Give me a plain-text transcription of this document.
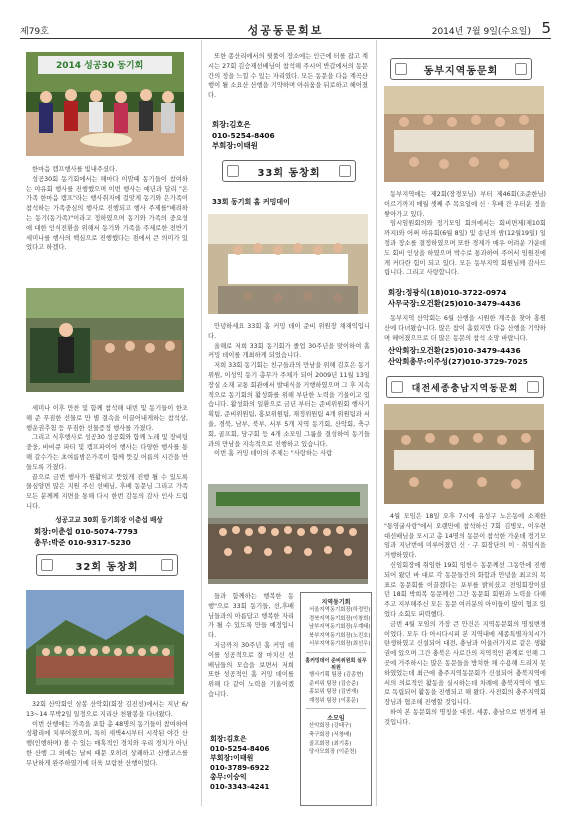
제79호	성공동문회보	2014년 7월 9일(수요일) 5
2014 성공30 동기회

한마음 캠프행사를 빛내주셨다.

성공30회 동기회에서는 해마다 이맘때 동기들이 참여하는 야유회 행사를 진행했으며 이번 행사는 예년과 달리 "온가족 한마음 캠프"라는 행사취지에 걸맞게 동기와 은가족이 참석하는 가족중심의 행사로 진행되고 행사 주제를"배려하는 동기(동가족)"이라고 정하였으며 동기와 가족의 중요성에 대한 인식전환을 위해서 동기와 가족을 주제로한 전반기 세미나를 행사의 핵심으로 진행했다는 점에서 큰 의미가 있었다고 하겠다.

세미나 이후 만찬 및 함께 참석해 내빈 및 동기들이 한조해 준 푸짐한 선물로 만 별 결속을 이끌어내게하는 참석상, 행운권추첨 등 푸짐한 선물증정 행사를 가졌다.

그리고 식후행사로 성공30 성공회와 함께 노래 및 장비팅 중웅, 바비큐 파티 및 캠프파이어 행사는 다양한 행사를 통해 갈수가는 초여름밤은가족이 함께 뜻깊 어름의 시간을 반들도록 가졌다.

끝으로 금번 행사가 원활히고 뜻있게 진행 될 수 있도록 물심양면 많은 지원 주신 선배님, 후배 동문님 그리고 가족 모든 분께께 지면을 통해 다시 한번 감동의 감사 인사 드립니다.

성공고교 30회 동기회장 이춘섭 배상
회장:이춘섭 010-5074-7793
총무:박준 010-9317-5230
32회 동창회

32회 산악회인 삼봉 산악회(회장 김진선)에서는 지난 6/13~14 무박2일 일정으로 지리산 천왕봉을 다녀왔다.

이번 산행에는 가족을 포함 총 48명의 동기들이 참여하여 성황리에 치루어졌으며, 특히 새벽4시부터 시작된 야간 산행(인행하며) 볼 수 있는 매혹적인 경치와 우리 경치가 아닌 한 산행 그 외에는 날씨 때문 오히려 상쾌하고 산행코스를 무난하게 완주하였기에 더욱 보람찬 산행이었다.

또한 종산리에서의 뒷풀이 장소에는 인근에 터를 잡고 계시는 27회 김승재선배님이 참석해 주시어 반갑에서의 동문간의 정을 느낄 수 있는 자리였다. 모든 동문을 다음 계곡산행이 될 소요산 산행을 기약하며 아쉬움을 뒤로하고 헤어졌다.

회장:김호은
010-5254-8406
부회장:이태원
33회 동창회
33회 동기회 홈 커밍데이

안녕하세요 33회 홈 커밍 데이 준비 위원장 채재익입니다.

올해로 저희 33회 동기회가 졸업 30주년을 맞이하여 홈 커밍 데이를 개최하게 되었습니다.

저희 33회 동기회는 친구들과의 만남을 위해 김호은 동기 위원, 이성익 동기 총무가 주체가 되어 2009년 11월 13일 장실 소재 교통 회관에서 발대식을 거행하였으며 그 후 지속적으로 동기회의 활성화를 위해 부단한 노력을 기울이고 있습니다. 활성화의 일환으로 금년 부터는 준비위원회 행사기획팀, 준비위원팀, 홍보위원팀, 재정위원팀 4개 위원팀과 서울, 경북, 남부, 북부, 서부 5개 지역 동기회, 산악회, 축구회, 골프회, 당구회 등 4개 소모임 그룹을 결성하여 동기들 과의 만남을 지속적으로 진행하고 있습니다.

이번 홈 커밍 데이의 주제는 "사랑하는 사람

들과 함께하는 행복한 동행"으로 33회 동기들, 선,후배님들과의 아름답고 행복한 자리가 될 수 있도록 만들 예정입니다.

지금까지 30주년 홈 커밍 데이를 성공적으로 잘 마치신 선배님들의 모습을 보면서 저희 또한 성공적인 홈 커밍 데이를 위해 다 같이 노력을 기울이겠습니다.

회장:김호은
010-5254-8406
부회장:이태원
010-3789-6922
총무:이승익
010-3343-4241
지역동기회
서울지역동기회장(하정민)
경북지역동기회장(이창희)
남부지역동기회장(우계태)
북부지역동기회장(노진호)
서부지역동기회장(최선우)
홈커밍데이 준비위원회 실무위원
행사기획 팀장 (김종현)
준비위 팀장 (김승준)
홍보위 팀장 (김연재)
재정위 팀장 (이홍문)
소모임
산악회장 (강태구)
축구회장 (서창배)
골프회장 (최기홍)
당사모회장 (이준천)
동부지역동문회

동부지역에는 제2회(장경모님) 부터 제46회(조준한님) 이르기까지 매월 셋째 주 목요일에 신 · 후배 간 우터운 정을 쌓아가고 있다.

임시임원회의와 정기모임 회의에서는 회비면제(제10회까지)와 어쩌 야유회(6월 8일) 및 송년의 밤(12월19일) 일정과 장소를 결정하였으며 또한 경제가 매우 어려운 가운데도 회비 인상을 하였으며 박수로 통과하여 주어서 임원진에게 커다란 힘이 되고 있다. 모든 동부지역 회원님께 감사드립니다. 그리고 사랑합니다.

회장:정광식(18)010-3722-0974
사무국장:오건환(25)010-3479-4436

동부지역 산악회는 6월 산행을 시원한 계곡을 찾아 홍원산에 다녀왔습니다. 많은 참이 흘렀지만 다음 산행을 기약하며 헤어졌으므로 더 많은 동문의 참석 소망 바랍니다.

산악회장:오건환(25)010-3479-4436
산악회총무:이주성(27)010-3729-7025
대전세종충남지역동문회

4월 모임은 18일 오후 7시에 유성구 노은동에 소재한 "통영굴사랑"에서 오랜만에 참석하신 7회 김병모, 이우련 대선배님을 모시고 총 14명의 동문이 참석한 가운데 정기모임과 지난번에 미루어졌던 신 · 구 회장단의 이 · 취임식을 거행하였다.

신임회장에 취임한 19회 임헌수 동문께선 그동안에 진행되어 왔던 바 대로 각 동문들간의 화합과 안녕을 최고의 목표로 동문회를 이끌겠다는 포부를 밝히셨고 전임회장이셨던 18회 박희복 동문께선 그간 동문회 회원과 노력을 다해 주고 지부해주신 모든 동문 여러분의 아이들이 많이 협조 있었다 소회도 피력했다.

금번 4월 모임의 가장 큰 안건은 지역동문회의 명칭변경 이었다. 모두 다 아시다시피 본 지역내에 세종특별자치시가 탄생하였고 신설되어 대전, 충남과 어울러가지로 같은 생활권에 있으며 그간 충북은 사로간의 지역적인 관계로 인해 그곳에 거주하시는 많은 동문들을 방치한 채 수용해 드리지 못하였었는데 최근에 충주지역동문회가 신설되어 충북지역에서의 의료적인 활동을 실시하는데 차례에 충북지역이 별도로 독립되어 활동을 진행되고 해 왔다. 사전회의 충주지역회 장님과 협조해 진행할 것입니다.

하여 본 동문회의 명칭을 대전, 세종, 충남으로 변경케 된 것입니다.
